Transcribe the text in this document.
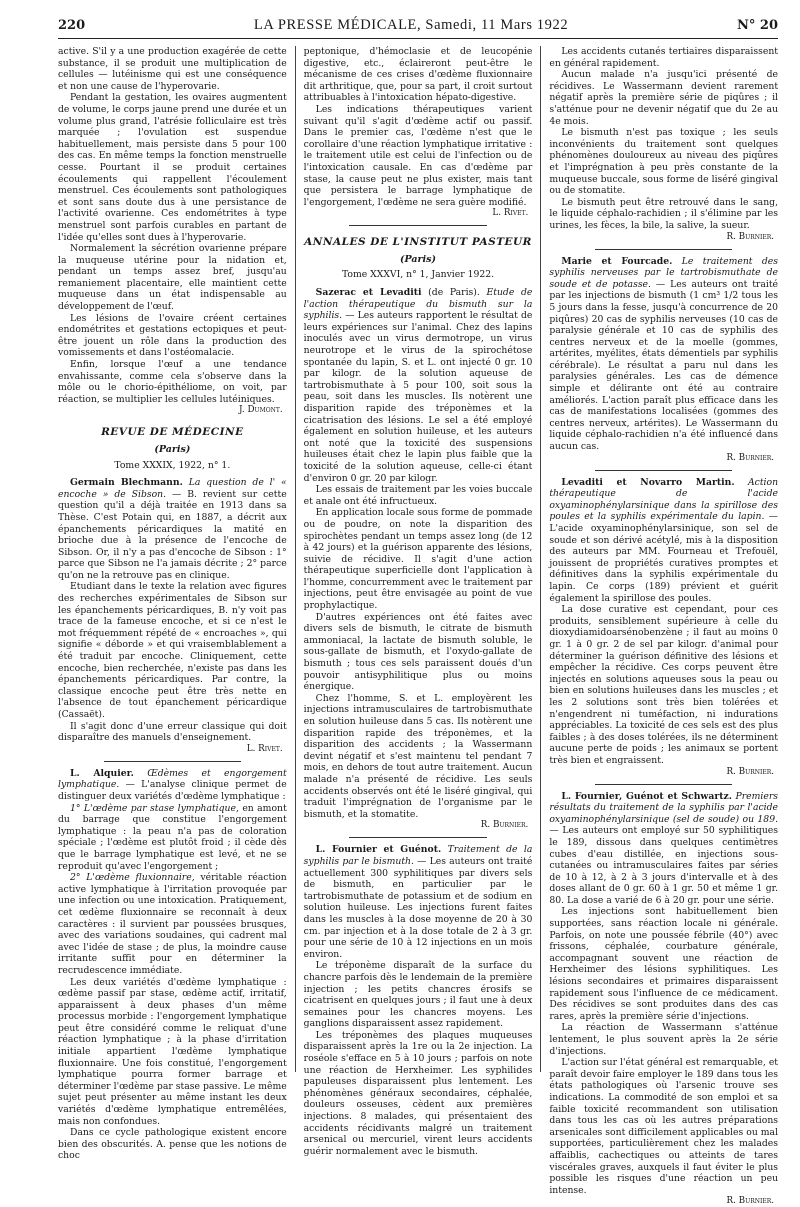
220	LA PRESSE MÉDICALE, Samedi, 11 Mars 1922	N° 20

active. S'il y a une production exagérée de cette substance, il se produit une multiplication de cellules — lutéinisme qui est une conséquence et non une cause de l'hyperovarie.

Pendant la gestation, les ovaires augmentent de volume, le corps jaune prend une durée et un volume plus grand, l'atrésie folliculaire est très marquée ; l'ovulation est suspendue habituellement, mais persiste dans 5 pour 100 des cas. En même temps la fonction menstruelle cesse. Pourtant il se produit certaines écoulements qui rappellent l'écoulement menstruel. Ces écoulements sont pathologiques et sont sans doute dus à une persistance de l'activité ovarienne. Ces endométrites à type menstruel sont parfois curables en partant de l'idée qu'elles sont dues à l'hyperovarie.

Normalement la sécrétion ovarienne prépare la muqueuse utérine pour la nidation et, pendant un temps assez bref, jusqu'au remaniement placentaire, elle maintient cette muqueuse dans un état indispensable au développement de l'œuf.

Les lésions de l'ovaire créent certaines endométrites et gestations ectopiques et peut-être jouent un rôle dans la production des vomissements et dans l'ostéomalacie.

Enfin, lorsque l'œuf a une tendance envahissante, comme cela s'observe dans la môle ou le chorio-épithéliome, on voit, par réaction, se multiplier les cellules lutéiniques.

J. Dumont.
REVUE DE MÉDECINE
(Paris)
Tome XXXIX, 1922, n° 1.

Germain Blechmann. La question de l' « encoche » de Sibson. — B. revient sur cette question qu'il a déjà traitée en 1913 dans sa Thèse. C'est Potain qui, en 1887, a décrit aux épanchements péricardiques la matité en brioche due à la présence de l'encoche de Sibson. Or, il n'y a pas d'encoche de Sibson : 1° parce que Sibson ne l'a jamais décrite ; 2° parce qu'on ne la retrouve pas en clinique.

Etudiant dans le texte la relation avec figures des recherches expérimentales de Sibson sur les épanchements péricardiques, B. n'y voit pas trace de la fameuse encoche, et si ce n'est le mot fréquemment répété de « encroaches », qui signifie « déborde » et qui vraisemblablement a été traduit par encoche. Cliniquement, cette encoche, bien recherchée, n'existe pas dans les épanchements péricardiques. Par contre, la classique encoche peut être très nette en l'absence de tout épanchement péricardique (Cassaët).

Il s'agit donc d'une erreur classique qui doit disparaître des manuels d'enseignement.

L. Rivet.

L. Alquier. Œdèmes et engorgement lymphatique. — L'analyse clinique permet de distinguer deux variétés d'œdème lymphatique :

1° L'œdème par stase lymphatique, en amont du barrage que constitue l'engorgement lymphatique : la peau n'a pas de coloration spéciale ; l'œdème est plutôt froid ; il cède dès que le barrage lymphatique est levé, et ne se reproduit qu'avec l'engorgement ;

2° L'œdème fluxionnaire, véritable réaction active lymphatique à l'irritation provoquée par une infection ou une intoxication. Pratiquement, cet œdème fluxionnaire se reconnaît à deux caractères : il survient par poussées brusques, avec des variations soudaines, qui cadrent mal avec l'idée de stase ; de plus, la moindre cause irritante suffit pour en déterminer la recrudescence immédiate.

Les deux variétés d'œdème lymphatique : œdème passif par stase, œdème actif, irritatif, apparaissent à deux phases d'un même processus morbide : l'engorgement lymphatique peut être considéré comme le reliquat d'une réaction lymphatique ; à la phase d'irritation initiale appartient l'œdème lymphatique fluxionnaire. Une fois constitué, l'engorgement lymphatique pourra former barrage et déterminer l'œdème par stase passive. Le même sujet peut présenter au même instant les deux variétés d'œdème lymphatique entremêlées, mais non confondues.

Dans ce cycle pathologique existent encore bien des obscurités. A. pense que les notions de choc

peptonique, d'hémoclasie et de leucopénie digestive, etc., éclaireront peut-être le mécanisme de ces crises d'œdème fluxionnaire dit arthritique, que, pour sa part, il croit surtout attribuables à l'intoxication hépato-digestive.

Les indications thérapeutiques varient suivant qu'il s'agit d'œdème actif ou passif. Dans le premier cas, l'œdème n'est que le corollaire d'une réaction lymphatique irritative : le traitement utile est celui de l'infection ou de l'intoxication causale. En cas d'œdème par stase, la cause peut ne plus exister, mais tant que persistera le barrage lymphatique de l'engorgement, l'œdème ne sera guère modifié.

L. Rivet.
ANNALES DE L'INSTITUT PASTEUR
(Paris)
Tome XXXVI, n° 1, Janvier 1922.

Sazerac et Levaditi (de Paris). Etude de l'action thérapeutique du bismuth sur la syphilis. — Les auteurs rapportent le résultat de leurs expériences sur l'animal. Chez des lapins inoculés avec un virus dermotrope, un virus neurotrope et le virus de la spirochétose spontanée du lapin, S. et L. ont injecté 0 gr. 10 par kilogr. de la solution aqueuse de tartrobismuthate à 5 pour 100, soit sous la peau, soit dans les muscles. Ils notèrent une disparition rapide des tréponèmes et la cicatrisation des lésions. Le sel a été employé également en solution huileuse, et les auteurs ont noté que la toxicité des suspensions huileuses était chez le lapin plus faible que la toxicité de la solution aqueuse, celle-ci étant d'environ 0 gr. 20 par kilogr.

Les essais de traitement par les voies buccale et anale ont été infructueux.

En application locale sous forme de pommade ou de poudre, on note la disparition des spirochètes pendant un temps assez long (de 12 à 42 jours) et la guérison apparente des lésions, suivie de récidive. Il s'agit d'une action thérapeutique superficielle dont l'application à l'homme, concurremment avec le traitement par injections, peut être envisagée au point de vue prophylactique.

D'autres expériences ont été faites avec divers sels de bismuth, le citrate de bismuth ammoniacal, la lactate de bismuth soluble, le sous-gallate de bismuth, et l'oxydo-gallate de bismuth ; tous ces sels paraissent doués d'un pouvoir antisyphilitique plus ou moins énergique.

Chez l'homme, S. et L. employèrent les injections intramusculaires de tartrobismuthate en solution huileuse dans 5 cas. Ils notèrent une disparition rapide des tréponèmes, et la disparition des accidents ; la Wassermann devint négatif et s'est maintenu tel pendant 7 mois, en dehors de tout autre traitement. Aucun malade n'a présenté de récidive. Les seuls accidents observés ont été le liséré gingival, qui traduit l'imprégnation de l'organisme par le bismuth, et la stomatite.

R. Burnier.

L. Fournier et Guénot. Traitement de la syphilis par le bismuth. — Les auteurs ont traité actuellement 300 syphilitiques par divers sels de bismuth, en particulier par le tartrobismuthate de potassium et de sodium en solution huileuse. Les injections furent faites dans les muscles à la dose moyenne de 20 à 30 cm. par injection et à la dose totale de 2 à 3 gr. pour une série de 10 à 12 injections en un mois environ.

Le tréponème disparaît de la surface du chancre parfois dès le lendemain de la première injection ; les petits chancres érosifs se cicatrisent en quelques jours ; il faut une à deux semaines pour les chancres moyens. Les ganglions disparaissent assez rapidement.

Les tréponèmes des plaques muqueuses disparaissent après la 1re ou la 2e injection. La roséole s'efface en 5 à 10 jours ; parfois on note une réaction de Herxheimer. Les syphilides papuleuses disparaissent plus lentement. Les phénomènes généraux secondaires, céphalée, douleurs osseuses, cèdent aux premières injections. 8 malades, qui présentaient des accidents récidivants malgré un traitement arsenical ou mercuriel, virent leurs accidents guérir normalement avec le bismuth.

Les accidents cutanés tertiaires disparaissent en général rapidement.

Aucun malade n'a jusqu'ici présenté de récidives. Le Wassermann devient rarement négatif après la première série de piqûres ; il s'atténue pour ne devenir négatif que du 2e au 4e mois.

Le bismuth n'est pas toxique ; les seuls inconvénients du traitement sont quelques phénomènes douloureux au niveau des piqûres et l'imprégnation à peu près constante de la muqueuse buccale, sous forme de liséré gingival ou de stomatite.

Le bismuth peut être retrouvé dans le sang, le liquide céphalo-rachidien ; il s'élimine par les urines, les fèces, la bile, la salive, la sueur.

R. Burnier.

Marie et Fourcade. Le traitement des syphilis nerveuses par le tartrobismuthate de soude et de potasse. — Les auteurs ont traité par les injections de bismuth (1 cm³ 1/2 tous les 5 jours dans la fesse, jusqu'à concurrence de 20 piqûres) 20 cas de syphilis nerveuses (10 cas de paralysie générale et 10 cas de syphilis des centres nerveux et de la moelle (gommes, artérites, myélites, états démentiels par syphilis cérébrale). Le résultat a paru nul dans les paralysies générales. Les cas de démence simple et délirante ont été au contraire améliorés. L'action paraît plus efficace dans les cas de manifestations localisées (gommes des centres nerveux, artérites). Le Wassermann du liquide céphalo-rachidien n'a été influencé dans aucun cas.

R. Burnier.

Levaditi et Novarro Martin. Action thérapeutique de l'acide oxyaminophénylarsinique dans la spirillose des poules et la syphilis expérimentale du lapin. — L'acide oxyaminophénylarsinique, son sel de soude et son dérivé acétylé, mis à la disposition des auteurs par MM. Fourneau et Trefouël, jouissent de propriétés curatives promptes et définitives dans la syphilis expérimentale du lapin. Ce corps (189) prévient et guérit également la spirillose des poules.

La dose curative est cependant, pour ces produits, sensiblement supérieure à celle du dioxydiamidoarsénobenzène ; il faut au moins 0 gr. 1 à 0 gr. 2 de sel par kilogr. d'animal pour déterminer la guérison définitive des lésions et empêcher la récidive. Ces corps peuvent être injectés en solutions aqueuses sous la peau ou bien en solutions huileuses dans les muscles ; et les 2 solutions sont très bien tolérées et n'engendrent ni tuméfaction, ni indurations appréciables. La toxicité de ces sels est des plus faibles ; à des doses tolérées, ils ne déterminent aucune perte de poids ; les animaux se portent très bien et engraissent.

R. Burnier.

L. Fournier, Guénot et Schwartz. Premiers résultats du traitement de la syphilis par l'acide oxyaminophénylarsinique (sel de soude) ou 189. — Les auteurs ont employé sur 50 syphilitiques le 189, dissous dans quelques centimètres cubes d'eau distillée, en injections sous-cutanées ou intramusculaires faites par séries de 10 à 12, à 2 à 3 jours d'intervalle et à des doses allant de 0 gr. 60 à 1 gr. 50 et même 1 gr. 80. La dose a varié de 6 à 20 gr. pour une série.

Les injections sont habituellement bien supportées, sans réaction locale ni générale. Parfois, on note une poussée fébrile (40°) avec frissons, céphalée, courbature générale, accompagnant souvent une réaction de Herxheimer des lésions syphilitiques. Les lésions secondaires et primaires disparaissent rapidement sous l'influence de ce médicament. Des récidives se sont produites dans des cas rares, après la première série d'injections.

La réaction de Wassermann s'atténue lentement, le plus souvent après la 2e série d'injections.

L'action sur l'état général est remarquable, et paraît devoir faire employer le 189 dans tous les états pathologiques où l'arsenic trouve ses indications. La commodité de son emploi et sa faible toxicité recommandent son utilisation dans tous les cas où les autres préparations arsenicales sont difficilement applicables ou mal supportées, particulièrement chez les malades affaiblis, cachectiques ou atteints de tares viscérales graves, auxquels il faut éviter le plus possible les risques d'une réaction un peu intense.

R. Burnier.
